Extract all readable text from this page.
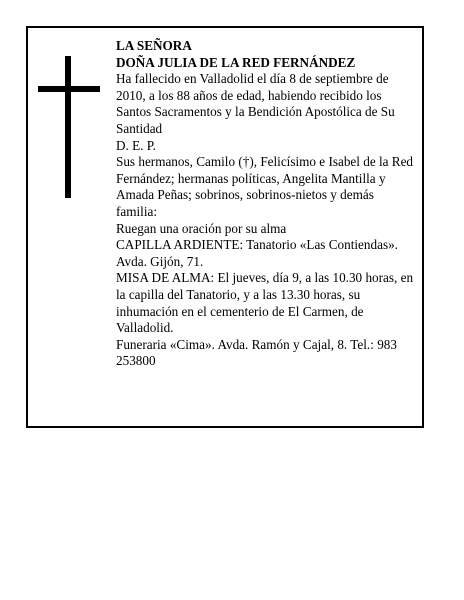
LA SEÑORA

DOÑA JULIA DE LA RED FERNÁNDEZ

Ha fallecido en Valladolid el día 8 de septiembre de 2010, a los 88 años de edad, habiendo recibido los Santos Sacramentos y la Bendición Apostólica de Su Santidad

D. E. P.

Sus hermanos, Camilo (†), Felicísimo e Isabel de la Red Fernández; hermanas políticas, Angelita Mantilla y Amada Peñas; sobrinos, sobrinos-nietos y demás familia:

Ruegan una oración por su alma

CAPILLA ARDIENTE: Tanatorio «Las Contiendas». Avda. Gijón, 71.

MISA DE ALMA: El jueves, día 9, a las 10.30 horas, en la capilla del Tanatorio, y a las 13.30 horas, su inhumación en el cementerio de El Carmen, de Valladolid.

Funeraria «Cima». Avda. Ramón y Cajal, 8. Tel.: 983 253800
